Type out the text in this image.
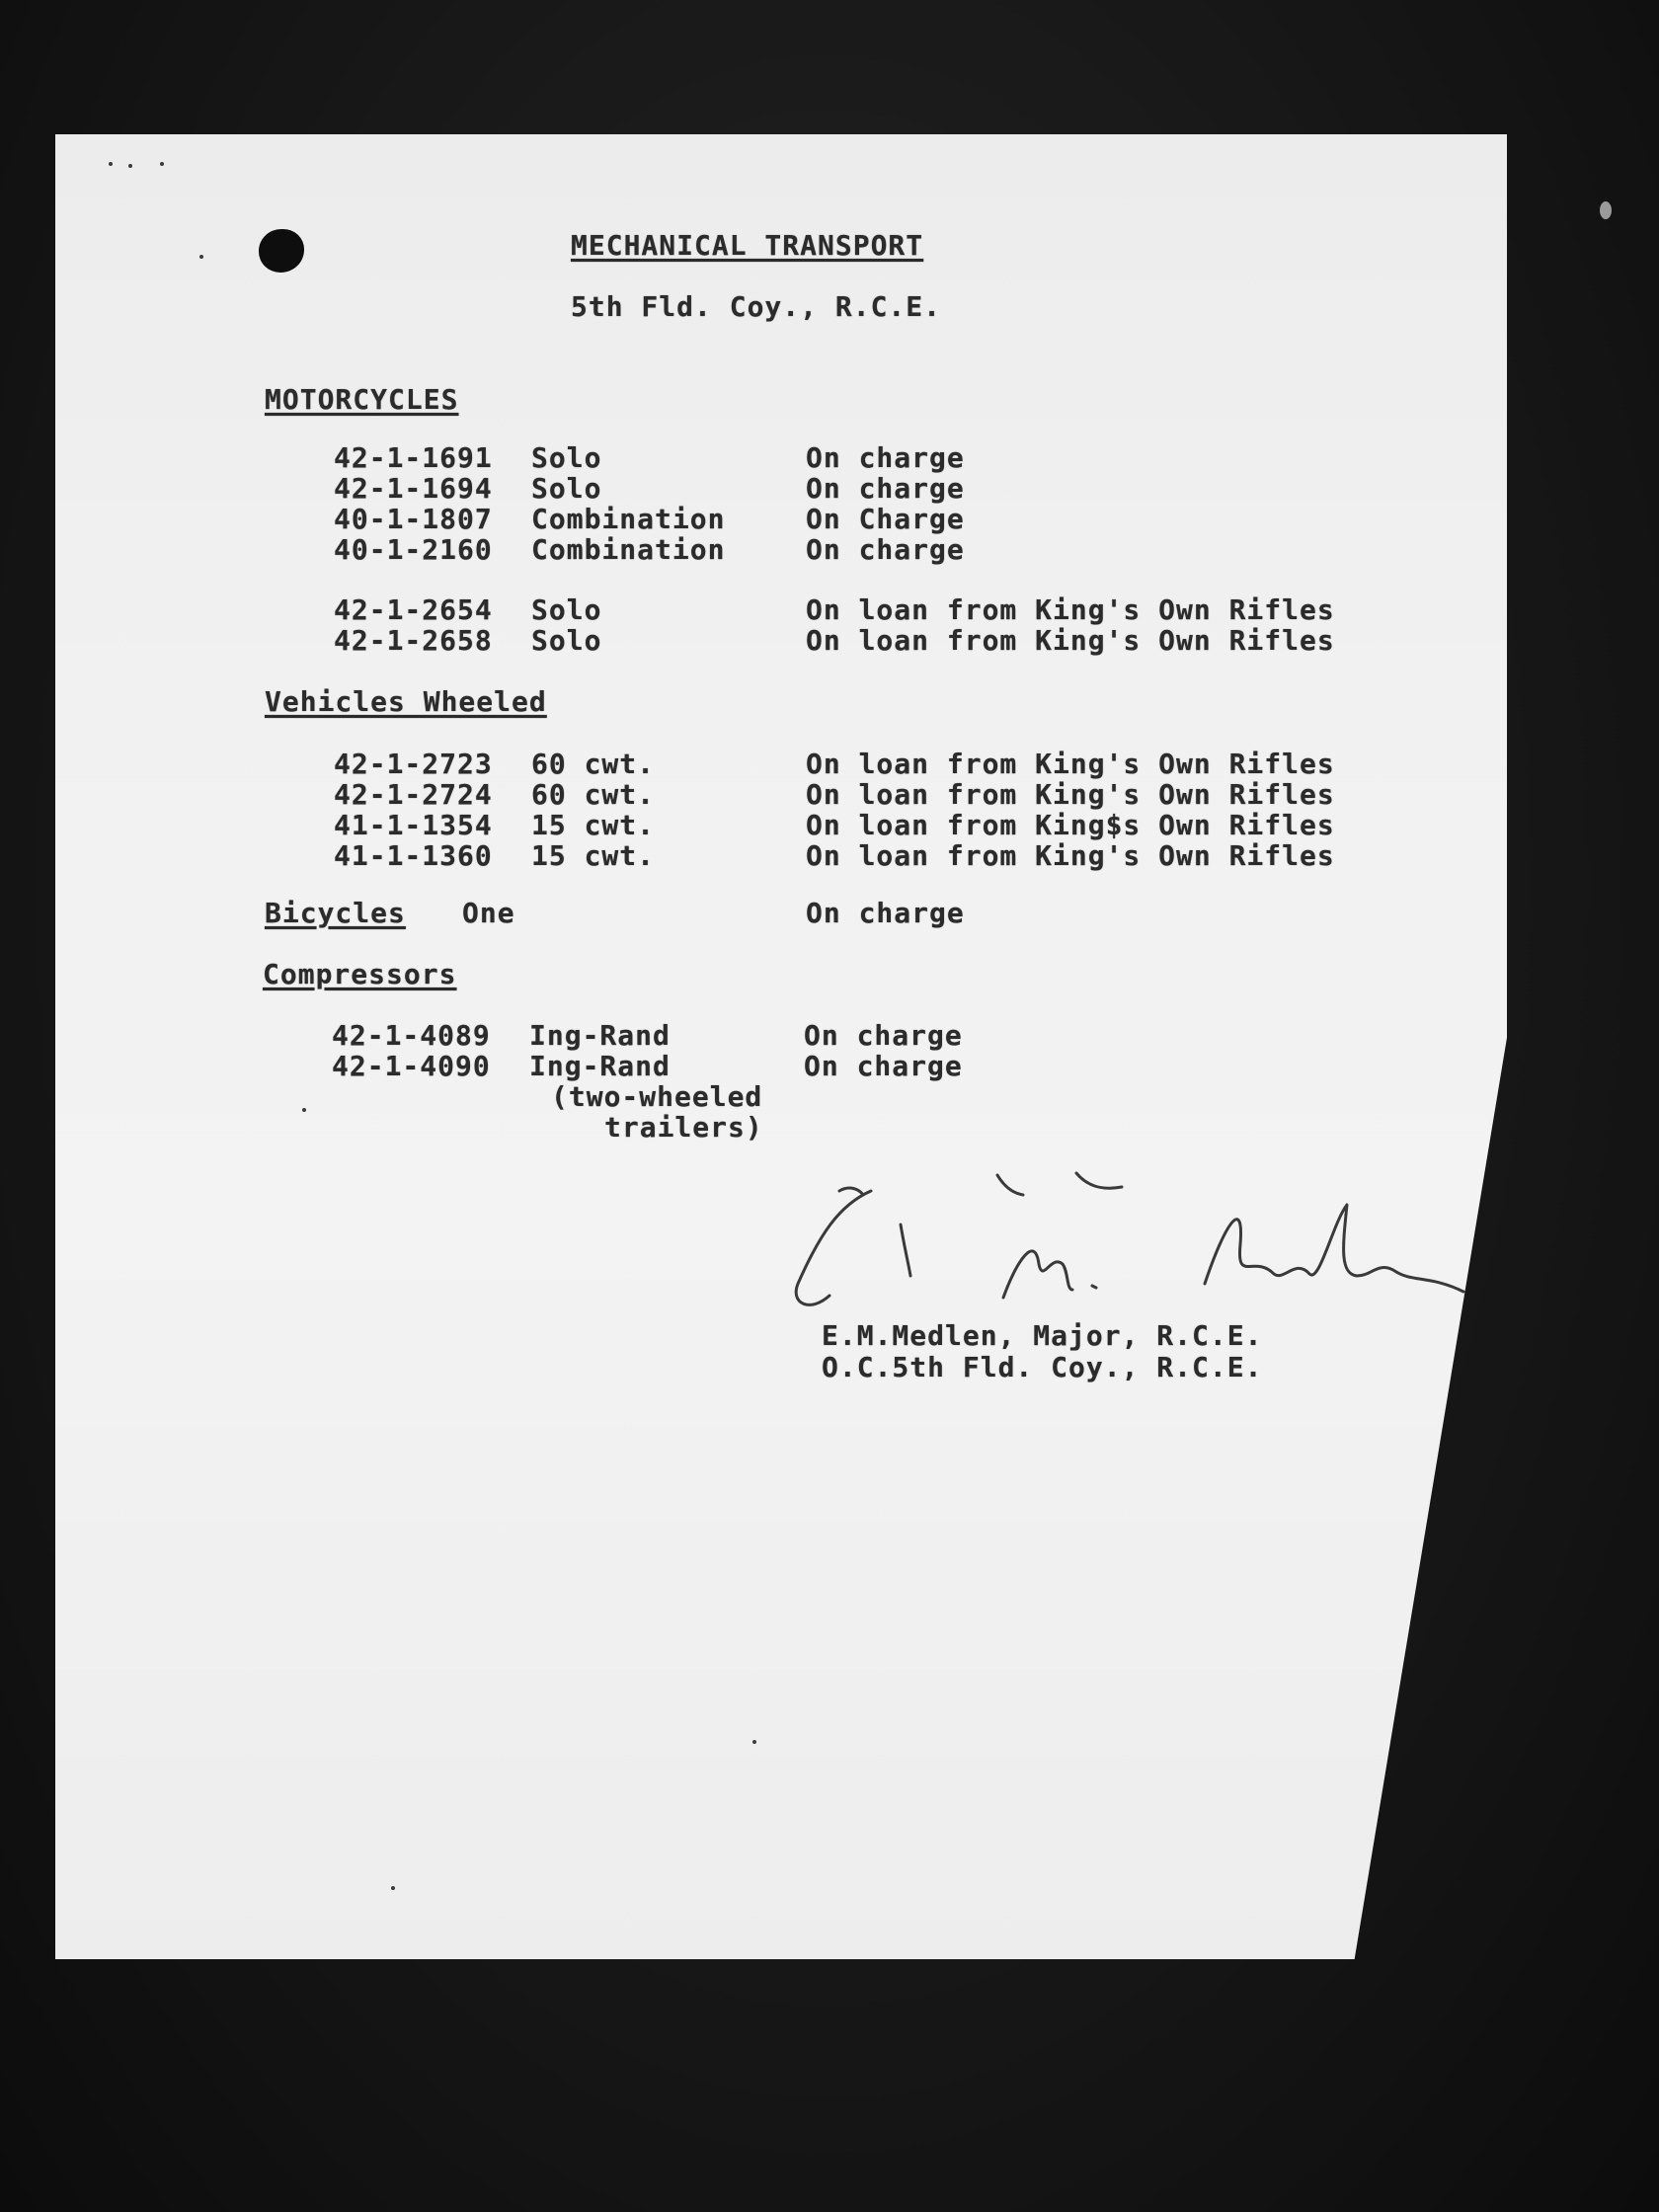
MECHANICAL TRANSPORT
5th Fld. Coy., R.C.E.
MOTORCYCLES
42-1-1691 Solo	On charge
42-1-1694 Solo	On charge
40-1-1807 Combination	On Charge
40-1-2160 Combination	On charge
42-1-2654 Solo	On loan from King's Own Rifles
42-1-2658 Solo	On loan from King's Own Rifles
Vehicles Wheeled
42-1-2723 60 cwt.	On loan from King's Own Rifles
42-1-2724 60 cwt.	On loan from King's Own Rifles
41-1-1354 15 cwt.	On loan from King$s Own Rifles
41-1-1360 15 cwt.	On loan from King's Own Rifles
Bicycles One	On charge
Compressors
42-1-4089 Ing-Rand	On charge
42-1-4090 Ing-Rand	On charge
(two-wheeled
trailers)
E.M.Medlen, Major, R.C.E.
O.C.5th Fld. Coy., R.C.E.
